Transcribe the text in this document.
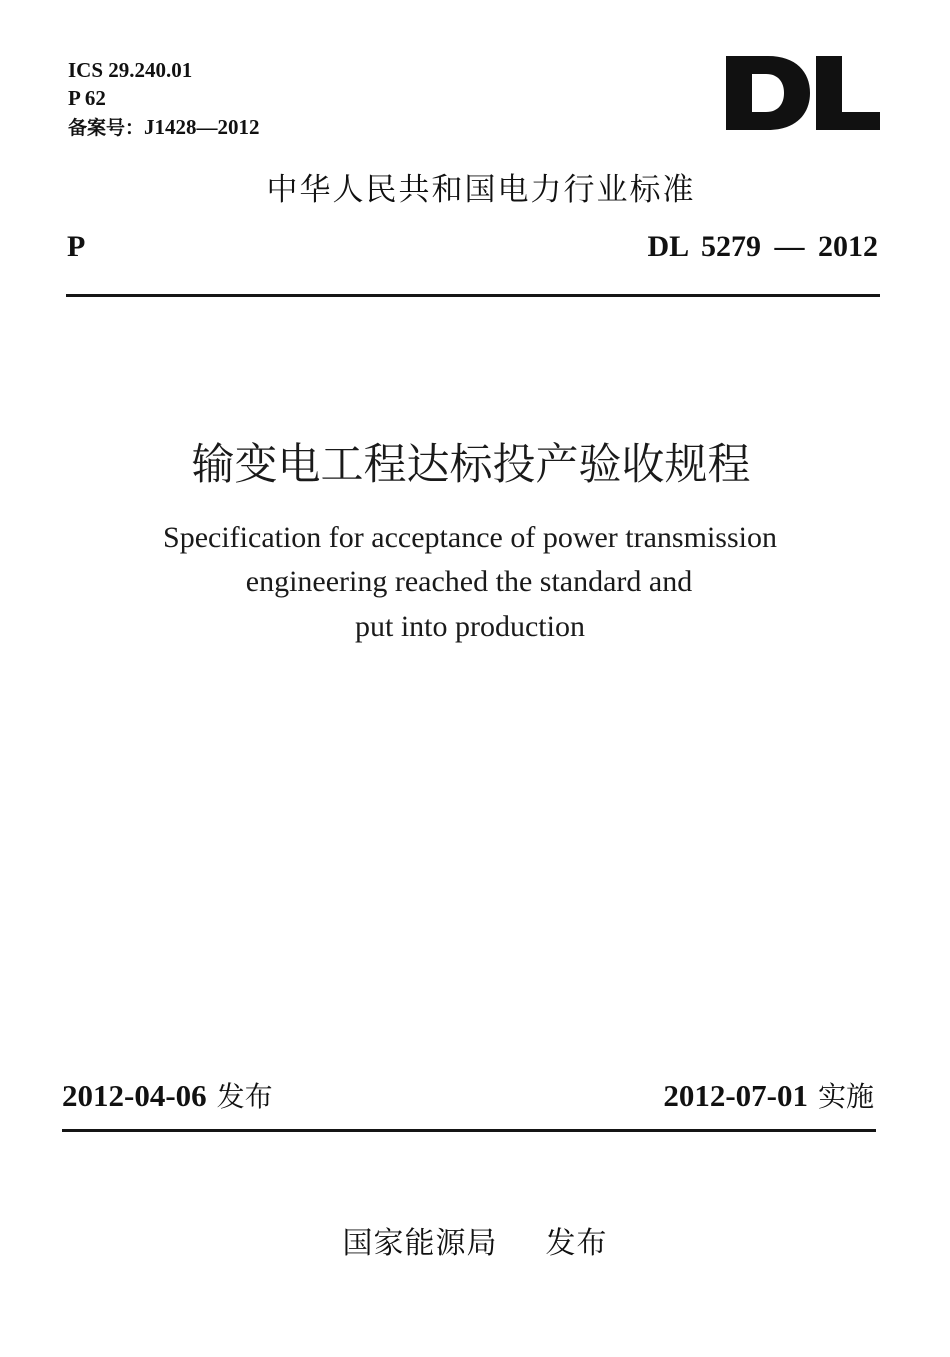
ICS 29.240.01
P 62
备案号：J1428—2012
中华人民共和国电力行业标准
P	DL 5279 — 2012
输变电工程达标投产验收规程
Specification for acceptance of power transmission
engineering reached the standard and
put into production
2012-04-06 发布	2012-07-01 实施
国家能源局 发布
